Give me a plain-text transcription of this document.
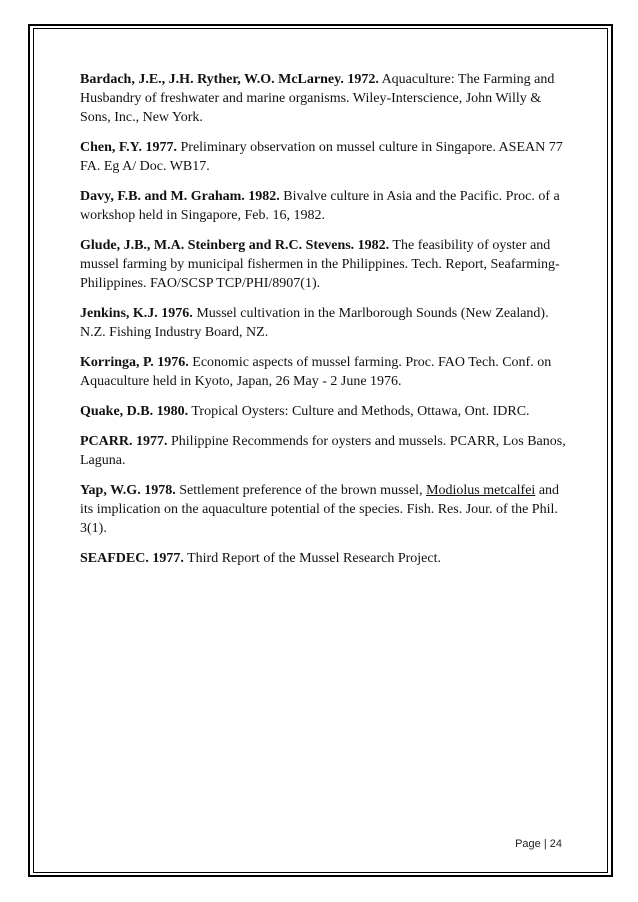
Bardach, J.E., J.H. Ryther, W.O. McLarney. 1972. Aquaculture: The Farming and Husbandry of freshwater and marine organisms. Wiley-Interscience, John Willy & Sons, Inc., New York.

Chen, F.Y. 1977. Preliminary observation on mussel culture in Singapore. ASEAN 77 FA. Eg A/ Doc. WB17.

Davy, F.B. and M. Graham. 1982. Bivalve culture in Asia and the Pacific. Proc. of a workshop held in Singapore, Feb. 16, 1982.

Glude, J.B., M.A. Steinberg and R.C. Stevens. 1982. The feasibility of oyster and mussel farming by municipal fishermen in the Philippines. Tech. Report, Seafarming-Philippines. FAO/SCSP TCP/PHI/8907(1).

Jenkins, K.J. 1976. Mussel cultivation in the Marlborough Sounds (New Zealand). N.Z. Fishing Industry Board, NZ.

Korringa, P. 1976. Economic aspects of mussel farming. Proc. FAO Tech. Conf. on Aquaculture held in Kyoto, Japan, 26 May - 2 June 1976.

Quake, D.B. 1980. Tropical Oysters: Culture and Methods, Ottawa, Ont. IDRC.

PCARR. 1977. Philippine Recommends for oysters and mussels. PCARR, Los Banos, Laguna.

Yap, W.G. 1978. Settlement preference of the brown mussel, Modiolus metcalfei and its implication on the aquaculture potential of the species. Fish. Res. Jour. of the Phil. 3(1).

SEAFDEC. 1977. Third Report of the Mussel Research Project.

Page | 24
